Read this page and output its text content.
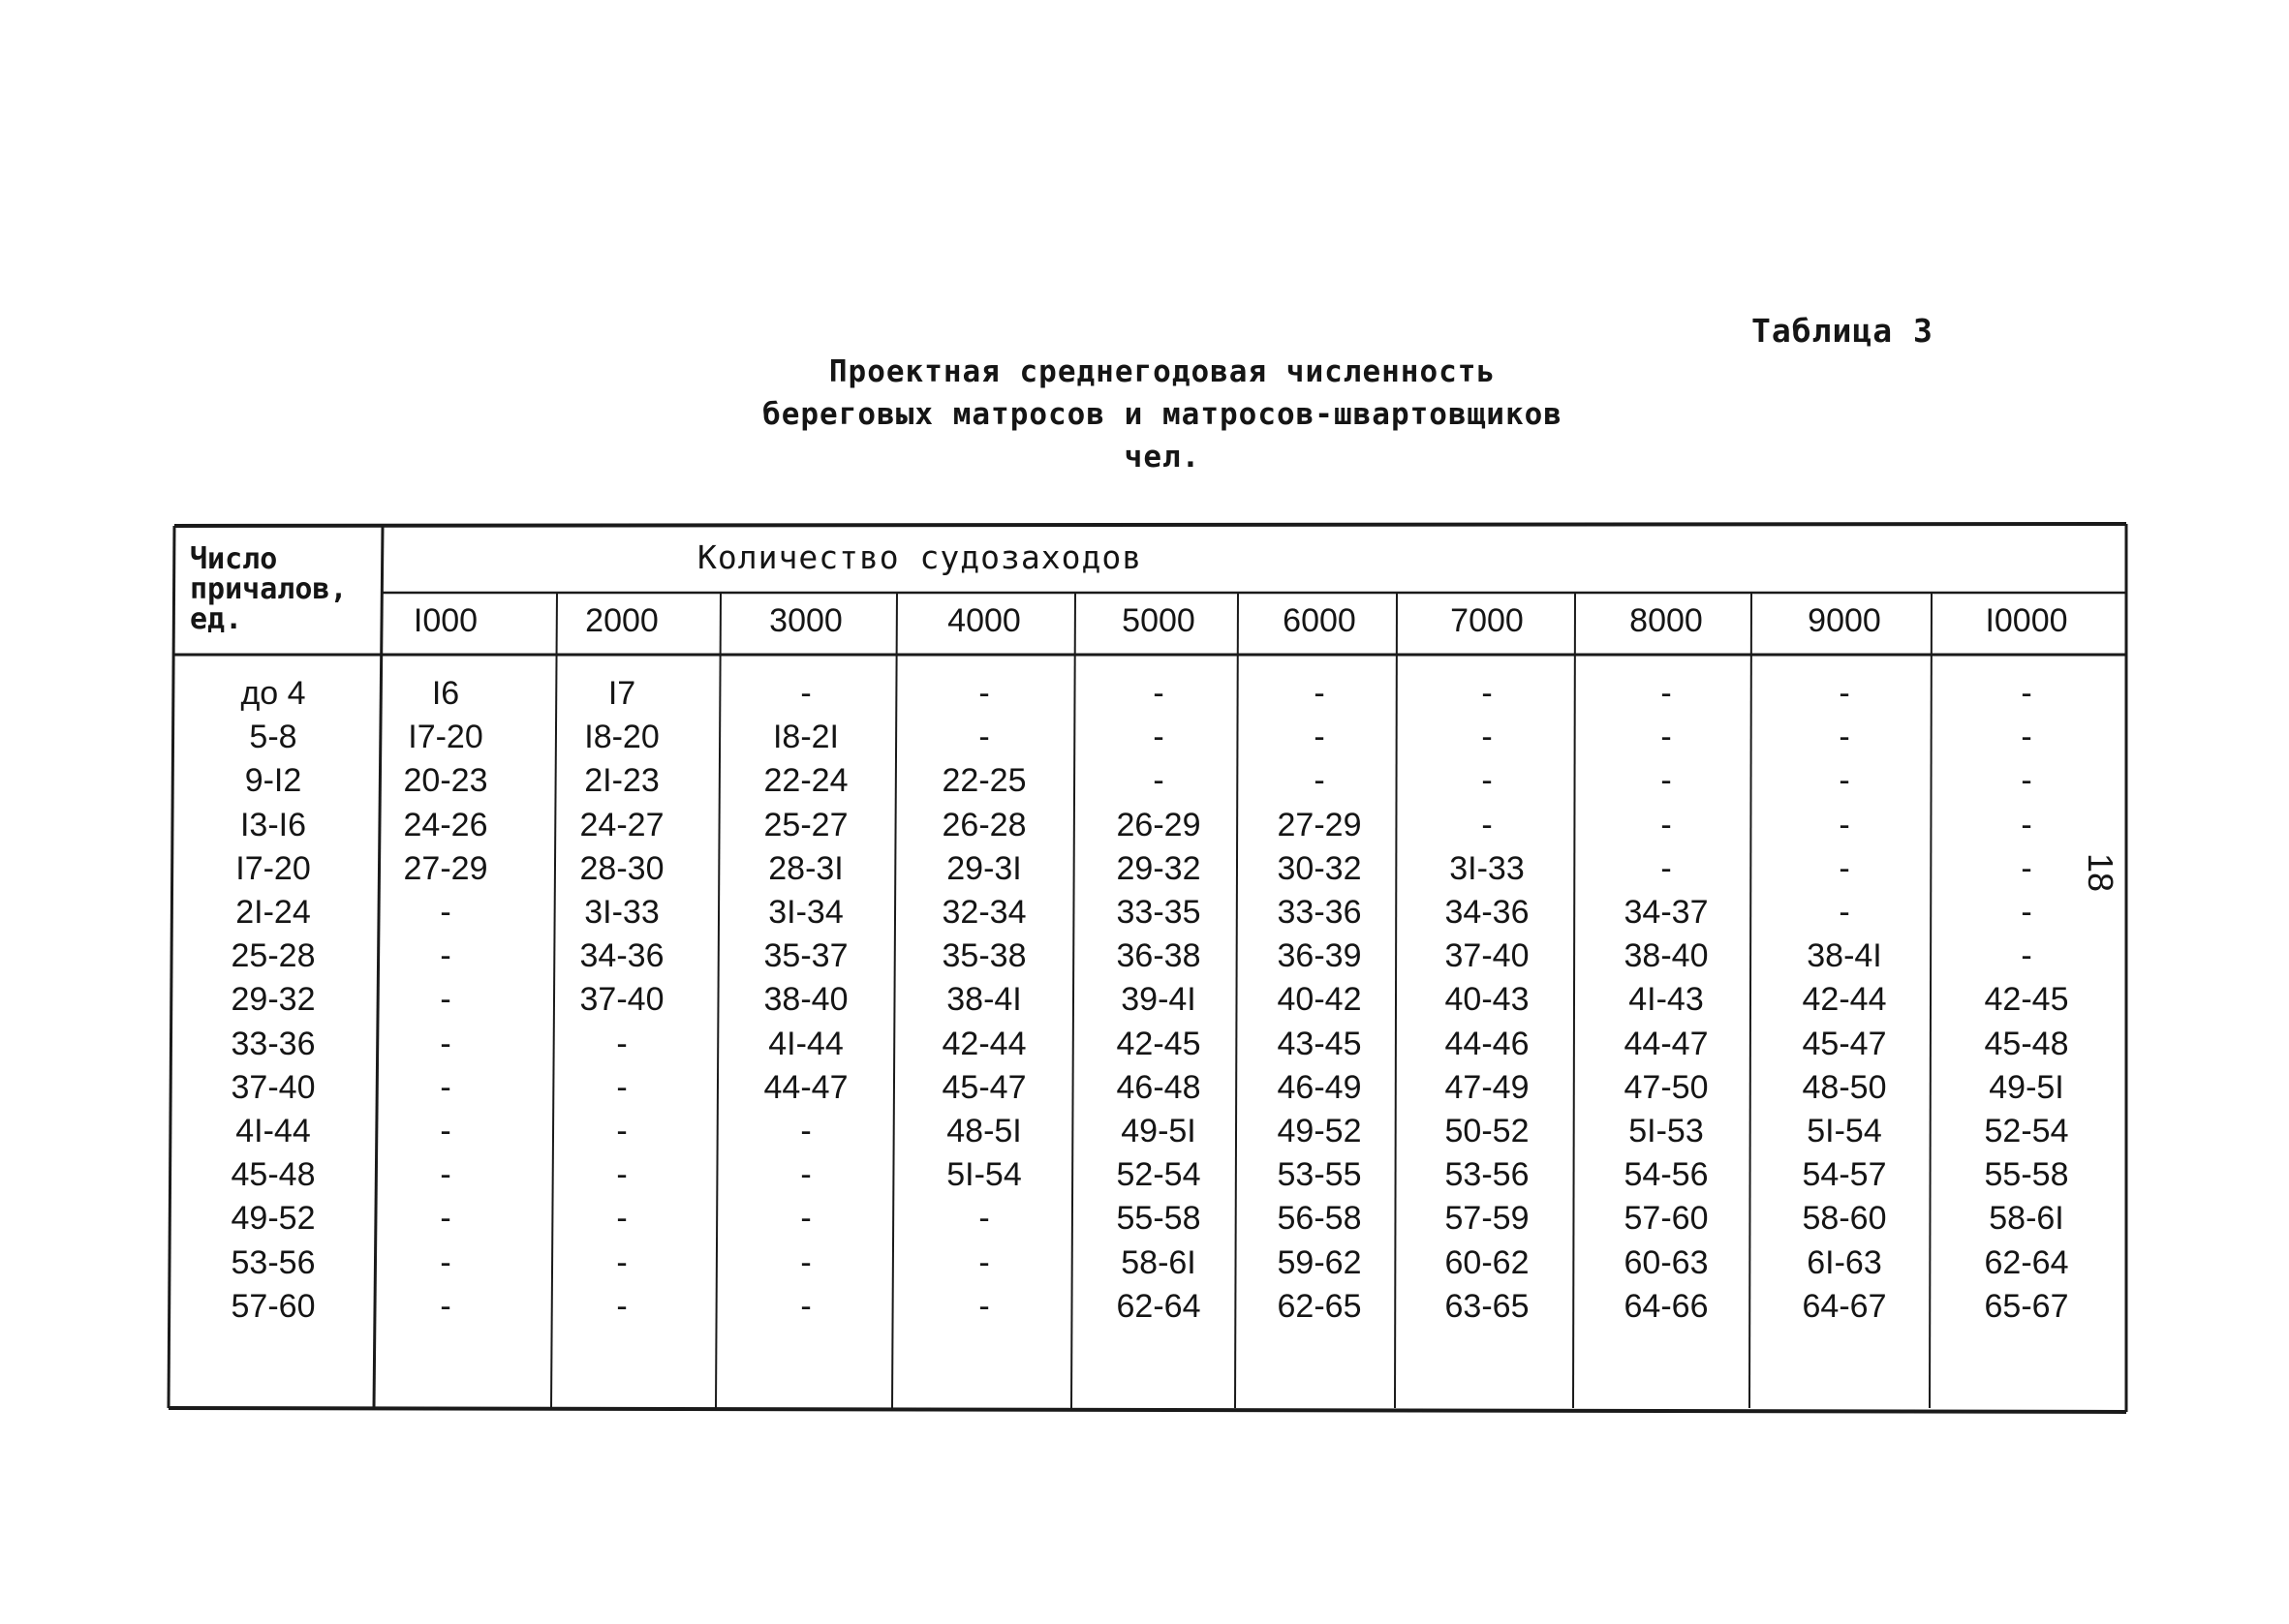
Таблица 3
Проектная среднегодовая численность
береговых матросов и матросов-швартовщиков
чел.
Число
причалов,
ед.
Количество судозаходов
I000	2000	3000	4000	5000	6000	7000	8000	9000	I0000
до 4	I6	I7	-	-	-	-	-	-	-	-
5-8	I7-20	I8-20	I8-2I	-	-	-	-	-	-	-
9-I2	20-23	2I-23	22-24	22-25	-	-	-	-	-	-
I3-I6	24-26	24-27	25-27	26-28	26-29	27-29	-	-	-	-
I7-20	27-29	28-30	28-3I	29-3I	29-32	30-32	3I-33	-	-	-
2I-24	-	3I-33	3I-34	32-34	33-35	33-36	34-36	34-37	-	-
25-28	-	34-36	35-37	35-38	36-38	36-39	37-40	38-40	38-4I	-
29-32	-	37-40	38-40	38-4I	39-4I	40-42	40-43	4I-43	42-44	42-45
33-36	-	-	4I-44	42-44	42-45	43-45	44-46	44-47	45-47	45-48
37-40	-	-	44-47	45-47	46-48	46-49	47-49	47-50	48-50	49-5I
4I-44	-	-	-	48-5I	49-5I	49-52	50-52	5I-53	5I-54	52-54
45-48	-	-	-	5I-54	52-54	53-55	53-56	54-56	54-57	55-58
49-52	-	-	-	-	55-58	56-58	57-59	57-60	58-60	58-6I
53-56	-	-	-	-	58-6I	59-62	60-62	60-63	6I-63	62-64
57-60	-	-	-	-	62-64	62-65	63-65	64-66	64-67	65-67
18
